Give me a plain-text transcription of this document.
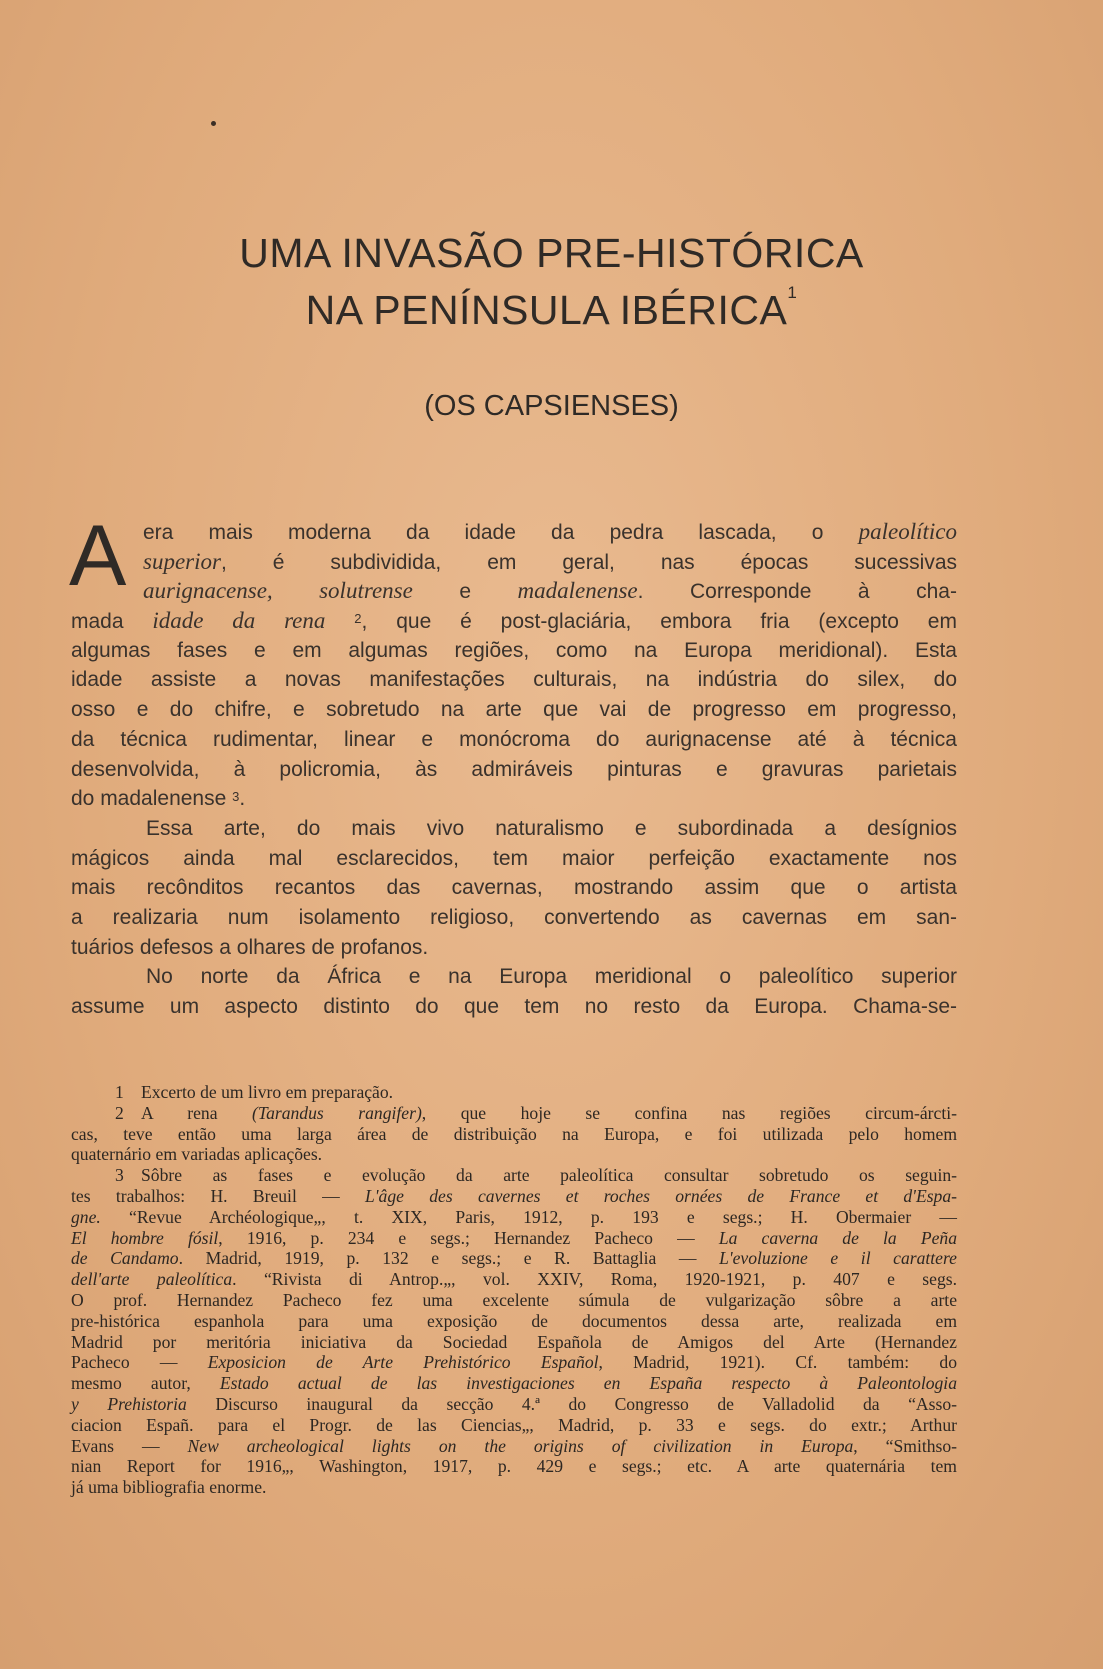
UMA INVASÃO PRE-HISTÓRICA
NA PENÍNSULA IBÉRICA$^1$
(OS CAPSIENSES)
A era mais moderna da idade da pedra lascada, o paleolítico
superior, é subdividida, em geral, nas épocas sucessivas
aurignacense, solutrense e madalenense. Corresponde à cha-
mada idade da rena $^2$, que é post-glaciária, embora fria (excepto em
algumas fases e em algumas regiões, como na Europa meridional). Esta
idade assiste a novas manifestações culturais, na indústria do silex, do
osso e do chifre, e sobretudo na arte que vai de progresso em progresso,
da técnica rudimentar, linear e monócroma do aurignacense até à técnica
desenvolvida, à policromia, às admiráveis pinturas e gravuras parietais
do madalenense $^3$.
Essa arte, do mais vivo naturalismo e subordinada a desígnios
mágicos ainda mal esclarecidos, tem maior perfeição exactamente nos
mais recônditos recantos das cavernas, mostrando assim que o artista
a realizaria num isolamento religioso, convertendo as cavernas em san-
tuários defesos a olhares de profanos.
No norte da África e na Europa meridional o paleolítico superior
assume um aspecto distinto do que tem no resto da Europa. Chama-se-
1 Excerto de um livro em preparação.
2 A rena (Tarandus rangifer), que hoje se confina nas regiões circum-árcti-
cas, teve então uma larga área de distribuição na Europa, e foi utilizada pelo homem
quaternário em variadas aplicações.
3 Sôbre as fases e evolução da arte paleolítica consultar sobretudo os seguin-
tes trabalhos: H. Breuil — L'âge des cavernes et roches ornées de France et d'Espa-
gne. “Revue Archéologique„, t. XIX, Paris, 1912, p. 193 e segs.; H. Obermaier —
El hombre fósil, 1916, p. 234 e segs.; Hernandez Pacheco — La caverna de la Peña
de Candamo. Madrid, 1919, p. 132 e segs.; e R. Battaglia — L'evoluzione e il carattere
dell'arte paleolítica. “Rivista di Antrop.„, vol. XXIV, Roma, 1920-1921, p. 407 e segs.
O prof. Hernandez Pacheco fez uma excelente súmula de vulgarização sôbre a arte
pre-histórica espanhola para uma exposição de documentos dessa arte, realizada em
Madrid por meritória iniciativa da Sociedad Española de Amigos del Arte (Hernandez
Pacheco — Exposicion de Arte Prehistórico Español, Madrid, 1921). Cf. também: do
mesmo autor, Estado actual de las investigaciones en España respecto à Paleontologia
y Prehistoria Discurso inaugural da secção 4.ª do Congresso de Valladolid da “Asso-
ciacion Españ. para el Progr. de las Ciencias„, Madrid, p. 33 e segs. do extr.; Arthur
Evans — New archeological lights on the origins of civilization in Europa, “Smithso-
nian Report for 1916„, Washington, 1917, p. 429 e segs.; etc. A arte quaternária tem
já uma bibliografia enorme.
